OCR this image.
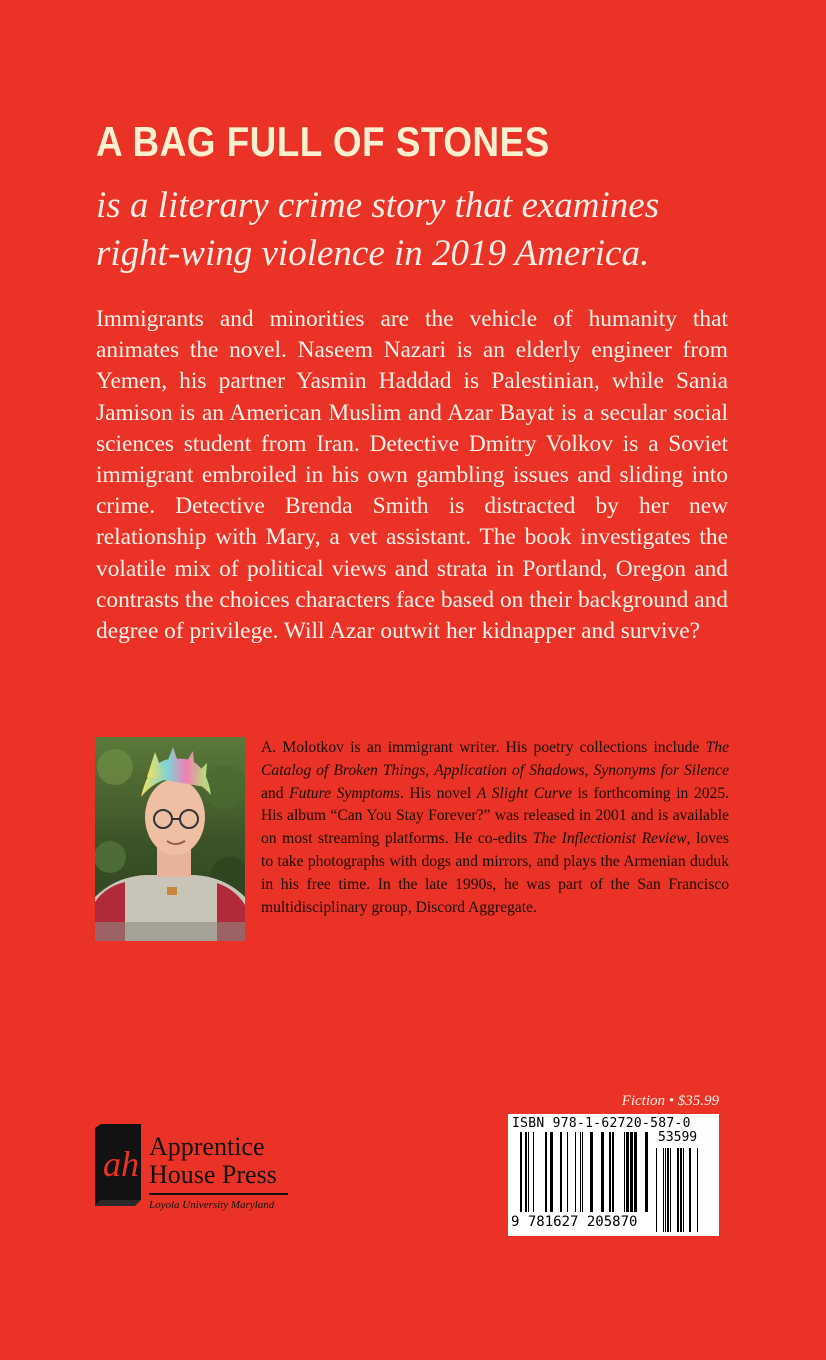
A BAG FULL OF STONES

is a literary crime story that examines right-wing violence in 2019 America.

Immigrants and minorities are the vehicle of humanity that animates the novel. Naseem Nazari is an elderly engineer from Yemen, his partner Yasmin Haddad is Palestinian, while Sania Jamison is an American Muslim and Azar Bayat is a secular social sciences student from Iran. Detective Dmitry Volkov is a Soviet immigrant embroiled in his own gambling issues and sliding into crime. Detective Brenda Smith is distracted by her new relationship with Mary, a vet assistant. The book investigates the volatile mix of political views and strata in Portland, Oregon and contrasts the choices characters face based on their background and degree of privilege. Will Azar outwit her kidnapper and survive?

A. Molotkov is an immigrant writer. His poetry collections include The Catalog of Broken Things, Application of Shadows, Synonyms for Silence and Future Symptoms. His novel A Slight Curve is forthcoming in 2025. His album “Can You Stay Forever?” was released in 2001 and is available on most streaming platforms. He co-edits The Inflectionist Review, loves to take photographs with dogs and mirrors, and plays the Armenian duduk in his free time. In the late 1990s, he was part of the San Francisco multidisciplinary group, Discord Aggregate.

ah Apprentice
House Press
Loyola University Maryland
Fiction • $35.99
ISBN 978-1-62720-587-0
53599
9 781627 205870
